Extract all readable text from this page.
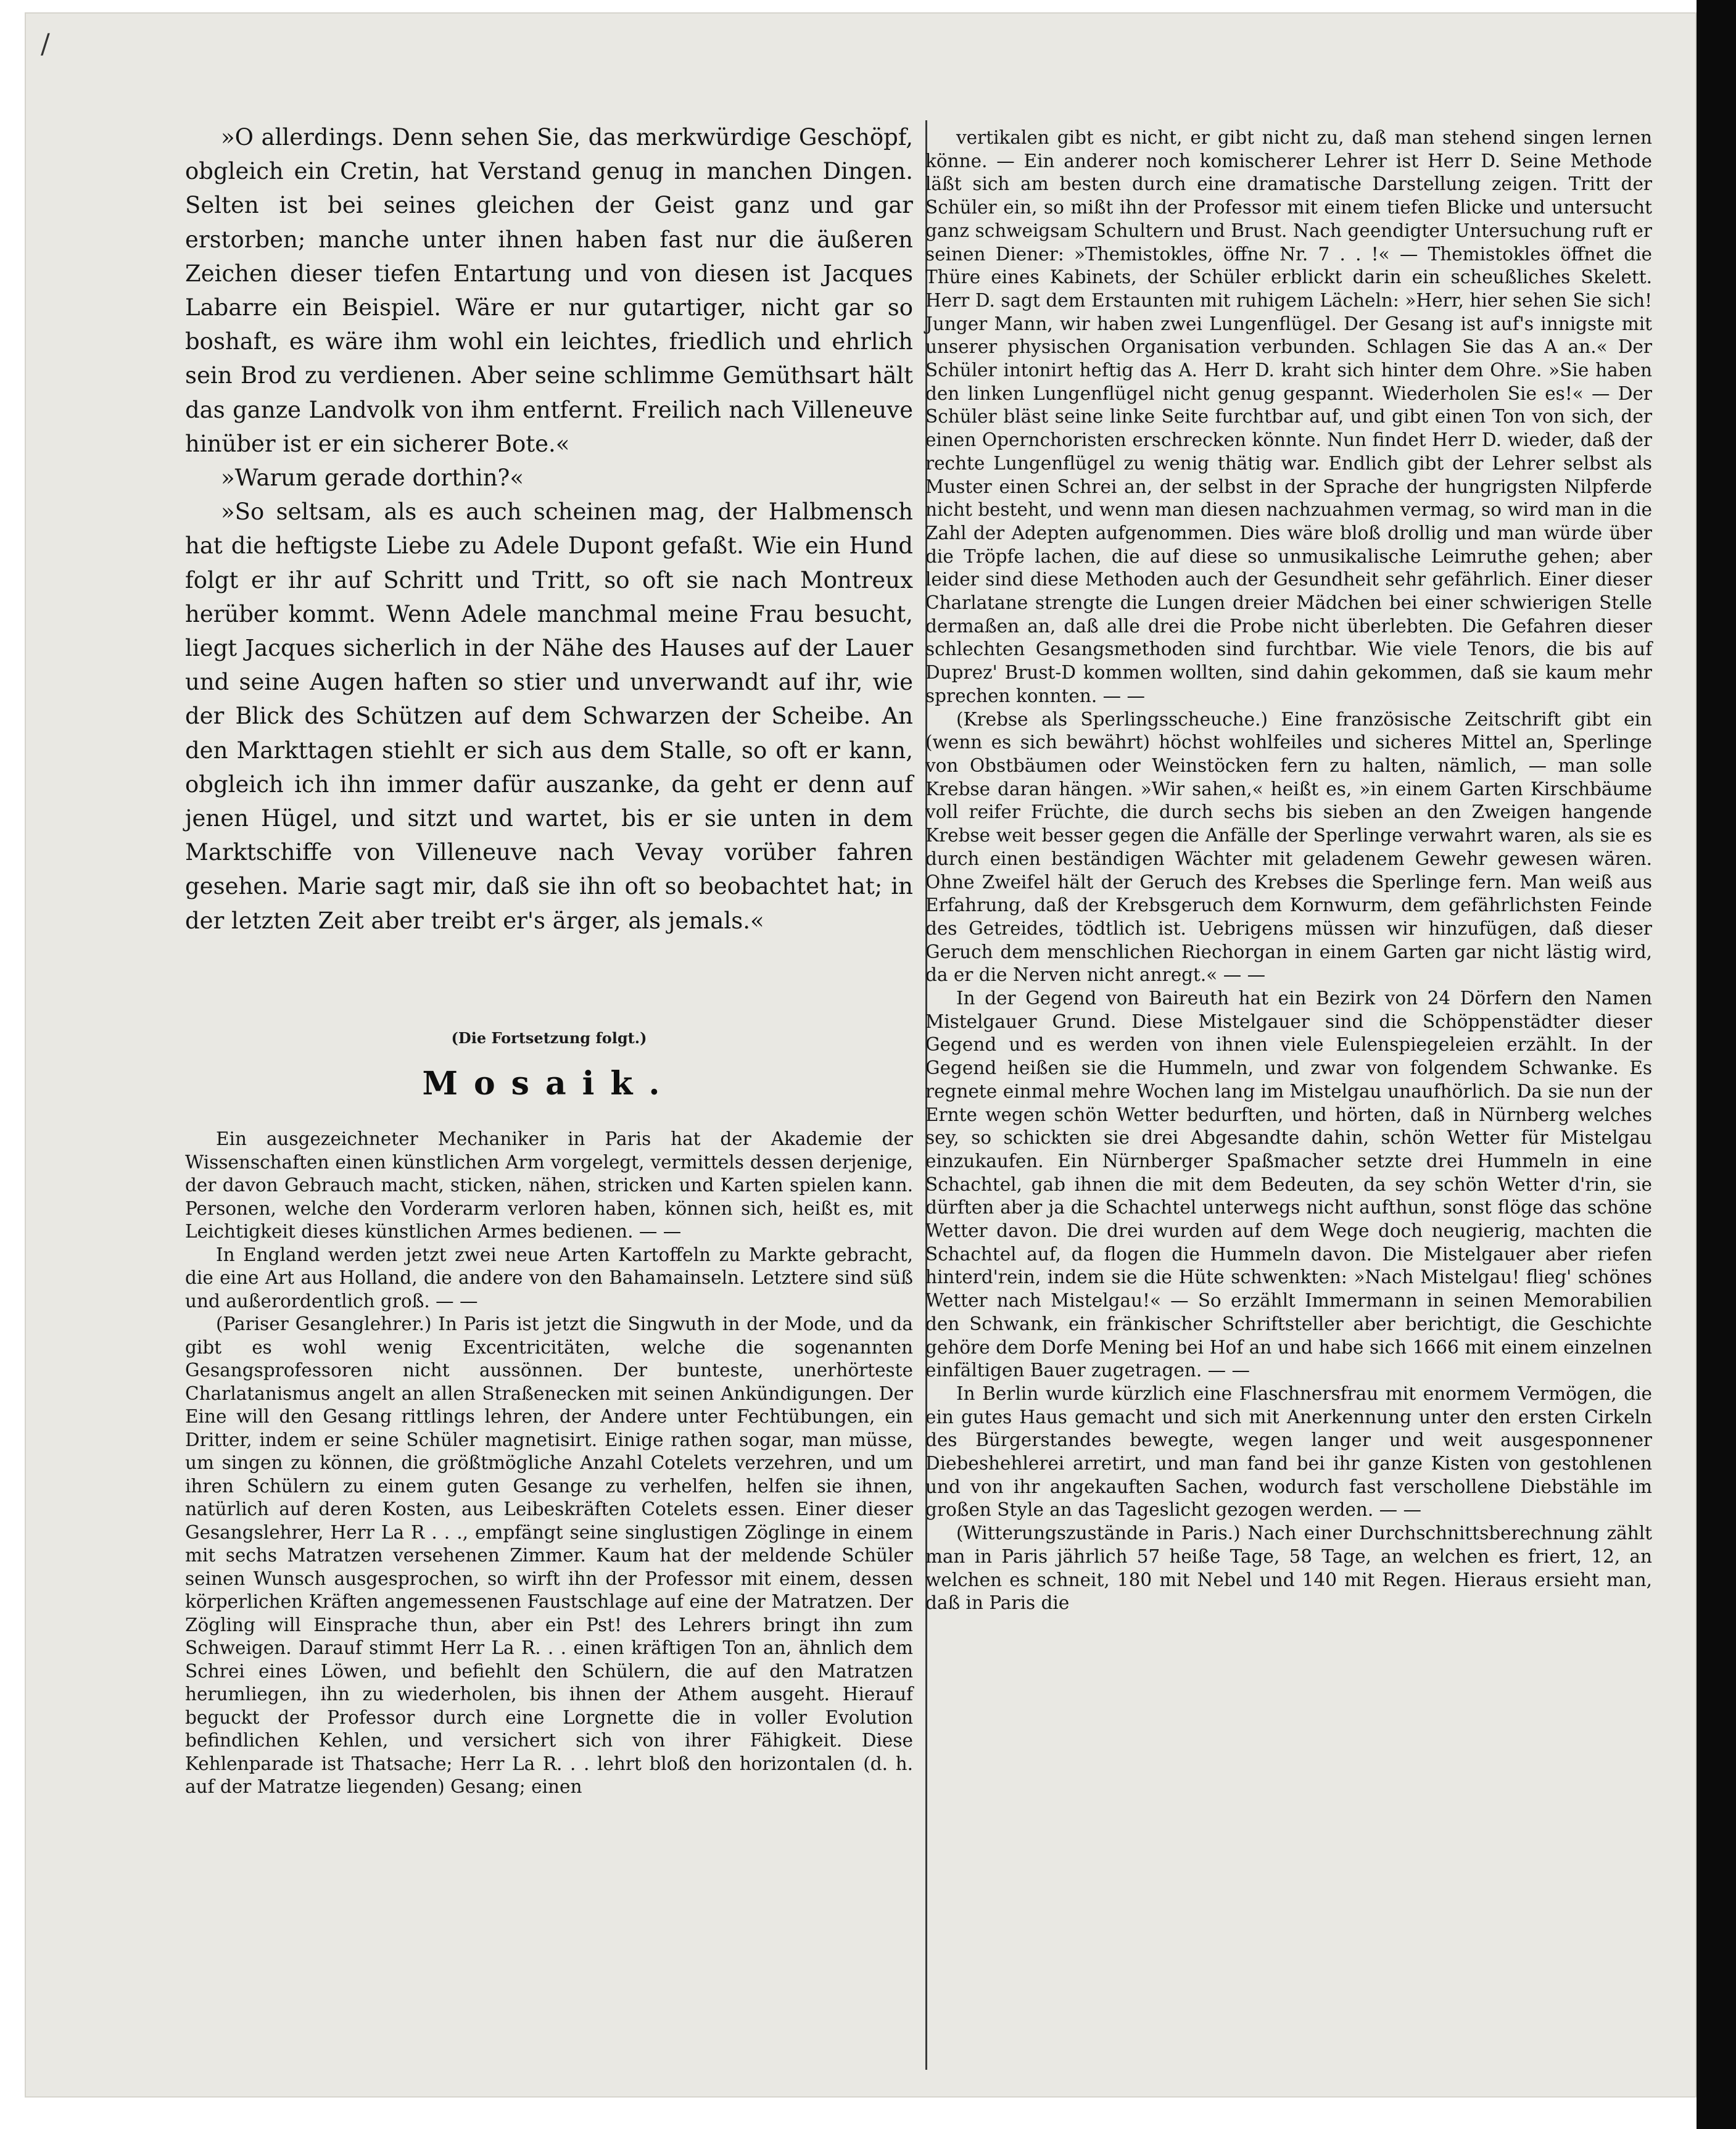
/

»O allerdings. Denn sehen Sie, das merkwürdige Geschöpf, obgleich ein Cretin, hat Verstand genug in manchen Dingen. Selten ist bei seines gleichen der Geist ganz und gar erstorben; manche unter ihnen haben fast nur die äußeren Zeichen dieser tiefen Entartung und von diesen ist Jacques Labarre ein Beispiel. Wäre er nur gutartiger, nicht gar so boshaft, es wäre ihm wohl ein leichtes, friedlich und ehrlich sein Brod zu verdienen. Aber seine schlimme Gemüthsart hält das ganze Landvolk von ihm entfernt. Freilich nach Villeneuve hinüber ist er ein sicherer Bote.«

»Warum gerade dorthin?«

»So seltsam, als es auch scheinen mag, der Halbmensch hat die heftigste Liebe zu Adele Dupont gefaßt. Wie ein Hund folgt er ihr auf Schritt und Tritt, so oft sie nach Montreux herüber kommt. Wenn Adele manchmal meine Frau besucht, liegt Jacques sicherlich in der Nähe des Hauses auf der Lauer und seine Augen haften so stier und unverwandt auf ihr, wie der Blick des Schützen auf dem Schwarzen der Scheibe. An den Markttagen stiehlt er sich aus dem Stalle, so oft er kann, obgleich ich ihn immer dafür auszanke, da geht er denn auf jenen Hügel, und sitzt und wartet, bis er sie unten in dem Marktschiffe von Villeneuve nach Vevay vorüber fahren gesehen. Marie sagt mir, daß sie ihn oft so beobachtet hat; in der letzten Zeit aber treibt er's ärger, als jemals.«

(Die Fortsetzung folgt.)
Mosaik.

Ein ausgezeichneter Mechaniker in Paris hat der Akademie der Wissenschaften einen künstlichen Arm vorgelegt, vermittels dessen derjenige, der davon Gebrauch macht, sticken, nähen, stricken und Karten spielen kann. Personen, welche den Vorderarm verloren haben, können sich, heißt es, mit Leichtigkeit dieses künstlichen Armes bedienen. — —

In England werden jetzt zwei neue Arten Kartoffeln zu Markte gebracht, die eine Art aus Holland, die andere von den Bahamainseln. Letztere sind süß und außerordentlich groß. — —

(Pariser Gesanglehrer.) In Paris ist jetzt die Singwuth in der Mode, und da gibt es wohl wenig Excentricitäten, welche die sogenannten Gesangsprofessoren nicht aussönnen. Der bunteste, unerhörteste Charlatanismus angelt an allen Straßenecken mit seinen Ankündigungen. Der Eine will den Gesang rittlings lehren, der Andere unter Fechtübungen, ein Dritter, indem er seine Schüler magnetisirt. Einige rathen sogar, man müsse, um singen zu können, die größtmögliche Anzahl Cotelets verzehren, und um ihren Schülern zu einem guten Gesange zu verhelfen, helfen sie ihnen, natürlich auf deren Kosten, aus Leibeskräften Cotelets essen. Einer dieser Gesangslehrer, Herr La R . . ., empfängt seine singlustigen Zöglinge in einem mit sechs Matratzen versehenen Zimmer. Kaum hat der meldende Schüler seinen Wunsch ausgesprochen, so wirft ihn der Professor mit einem, dessen körperlichen Kräften angemessenen Faustschlage auf eine der Matratzen. Der Zögling will Einsprache thun, aber ein Pst! des Lehrers bringt ihn zum Schweigen. Darauf stimmt Herr La R. . . einen kräftigen Ton an, ähnlich dem Schrei eines Löwen, und befiehlt den Schülern, die auf den Matratzen herumliegen, ihn zu wiederholen, bis ihnen der Athem ausgeht. Hierauf beguckt der Professor durch eine Lorgnette die in voller Evolution befindlichen Kehlen, und versichert sich von ihrer Fähigkeit. Diese Kehlenparade ist Thatsache; Herr La R. . . lehrt bloß den horizontalen (d. h. auf der Matratze liegenden) Gesang; einen

vertikalen gibt es nicht, er gibt nicht zu, daß man stehend singen lernen könne. — Ein anderer noch komischerer Lehrer ist Herr D. Seine Methode läßt sich am besten durch eine dramatische Darstellung zeigen. Tritt der Schüler ein, so mißt ihn der Professor mit einem tiefen Blicke und untersucht ganz schweigsam Schultern und Brust. Nach geendigter Untersuchung ruft er seinen Diener: »Themistokles, öffne Nr. 7 . . !« — Themistokles öffnet die Thüre eines Kabinets, der Schüler erblickt darin ein scheußliches Skelett. Herr D. sagt dem Erstaunten mit ruhigem Lächeln: »Herr, hier sehen Sie sich! Junger Mann, wir haben zwei Lungenflügel. Der Gesang ist auf's innigste mit unserer physischen Organisation verbunden. Schlagen Sie das A an.« Der Schüler intonirt heftig das A. Herr D. kraht sich hinter dem Ohre. »Sie haben den linken Lungenflügel nicht genug gespannt. Wiederholen Sie es!« — Der Schüler bläst seine linke Seite furchtbar auf, und gibt einen Ton von sich, der einen Opernchoristen erschrecken könnte. Nun findet Herr D. wieder, daß der rechte Lungenflügel zu wenig thätig war. Endlich gibt der Lehrer selbst als Muster einen Schrei an, der selbst in der Sprache der hungrigsten Nilpferde nicht besteht, und wenn man diesen nachzuahmen vermag, so wird man in die Zahl der Adepten aufgenommen. Dies wäre bloß drollig und man würde über die Tröpfe lachen, die auf diese so unmusikalische Leimruthe gehen; aber leider sind diese Methoden auch der Gesundheit sehr gefährlich. Einer dieser Charlatane strengte die Lungen dreier Mädchen bei einer schwierigen Stelle dermaßen an, daß alle drei die Probe nicht überlebten. Die Gefahren dieser schlechten Gesangsmethoden sind furchtbar. Wie viele Tenors, die bis auf Duprez' Brust-D kommen wollten, sind dahin gekommen, daß sie kaum mehr sprechen konnten. — —

(Krebse als Sperlingsscheuche.) Eine französische Zeitschrift gibt ein (wenn es sich bewährt) höchst wohlfeiles und sicheres Mittel an, Sperlinge von Obstbäumen oder Weinstöcken fern zu halten, nämlich, — man solle Krebse daran hängen. »Wir sahen,« heißt es, »in einem Garten Kirschbäume voll reifer Früchte, die durch sechs bis sieben an den Zweigen hangende Krebse weit besser gegen die Anfälle der Sperlinge verwahrt waren, als sie es durch einen beständigen Wächter mit geladenem Gewehr gewesen wären. Ohne Zweifel hält der Geruch des Krebses die Sperlinge fern. Man weiß aus Erfahrung, daß der Krebsgeruch dem Kornwurm, dem gefährlichsten Feinde des Getreides, tödtlich ist. Uebrigens müssen wir hinzufügen, daß dieser Geruch dem menschlichen Riechorgan in einem Garten gar nicht lästig wird, da er die Nerven nicht anregt.« — —

In der Gegend von Baireuth hat ein Bezirk von 24 Dörfern den Namen Mistelgauer Grund. Diese Mistelgauer sind die Schöppenstädter dieser Gegend und es werden von ihnen viele Eulenspiegeleien erzählt. In der Gegend heißen sie die Hummeln, und zwar von folgendem Schwanke. Es regnete einmal mehre Wochen lang im Mistelgau unaufhörlich. Da sie nun der Ernte wegen schön Wetter bedurften, und hörten, daß in Nürnberg welches sey, so schickten sie drei Abgesandte dahin, schön Wetter für Mistelgau einzukaufen. Ein Nürnberger Spaßmacher setzte drei Hummeln in eine Schachtel, gab ihnen die mit dem Bedeuten, da sey schön Wetter d'rin, sie dürften aber ja die Schachtel unterwegs nicht aufthun, sonst flöge das schöne Wetter davon. Die drei wurden auf dem Wege doch neugierig, machten die Schachtel auf, da flogen die Hummeln davon. Die Mistelgauer aber riefen hinterd'rein, indem sie die Hüte schwenkten: »Nach Mistelgau! flieg' schönes Wetter nach Mistelgau!« — So erzählt Immermann in seinen Memorabilien den Schwank, ein fränkischer Schriftsteller aber berichtigt, die Geschichte gehöre dem Dorfe Mening bei Hof an und habe sich 1666 mit einem einzelnen einfältigen Bauer zugetragen. — —

In Berlin wurde kürzlich eine Flaschnersfrau mit enormem Vermögen, die ein gutes Haus gemacht und sich mit Anerkennung unter den ersten Cirkeln des Bürgerstandes bewegte, wegen langer und weit ausgesponnener Diebeshehlerei arretirt, und man fand bei ihr ganze Kisten von gestohlenen und von ihr angekauften Sachen, wodurch fast verschollene Diebstähle im großen Style an das Tageslicht gezogen werden. — —

(Witterungszustände in Paris.) Nach einer Durchschnittsberechnung zählt man in Paris jährlich 57 heiße Tage, 58 Tage, an welchen es friert, 12, an welchen es schneit, 180 mit Nebel und 140 mit Regen. Hieraus ersieht man, daß in Paris die
